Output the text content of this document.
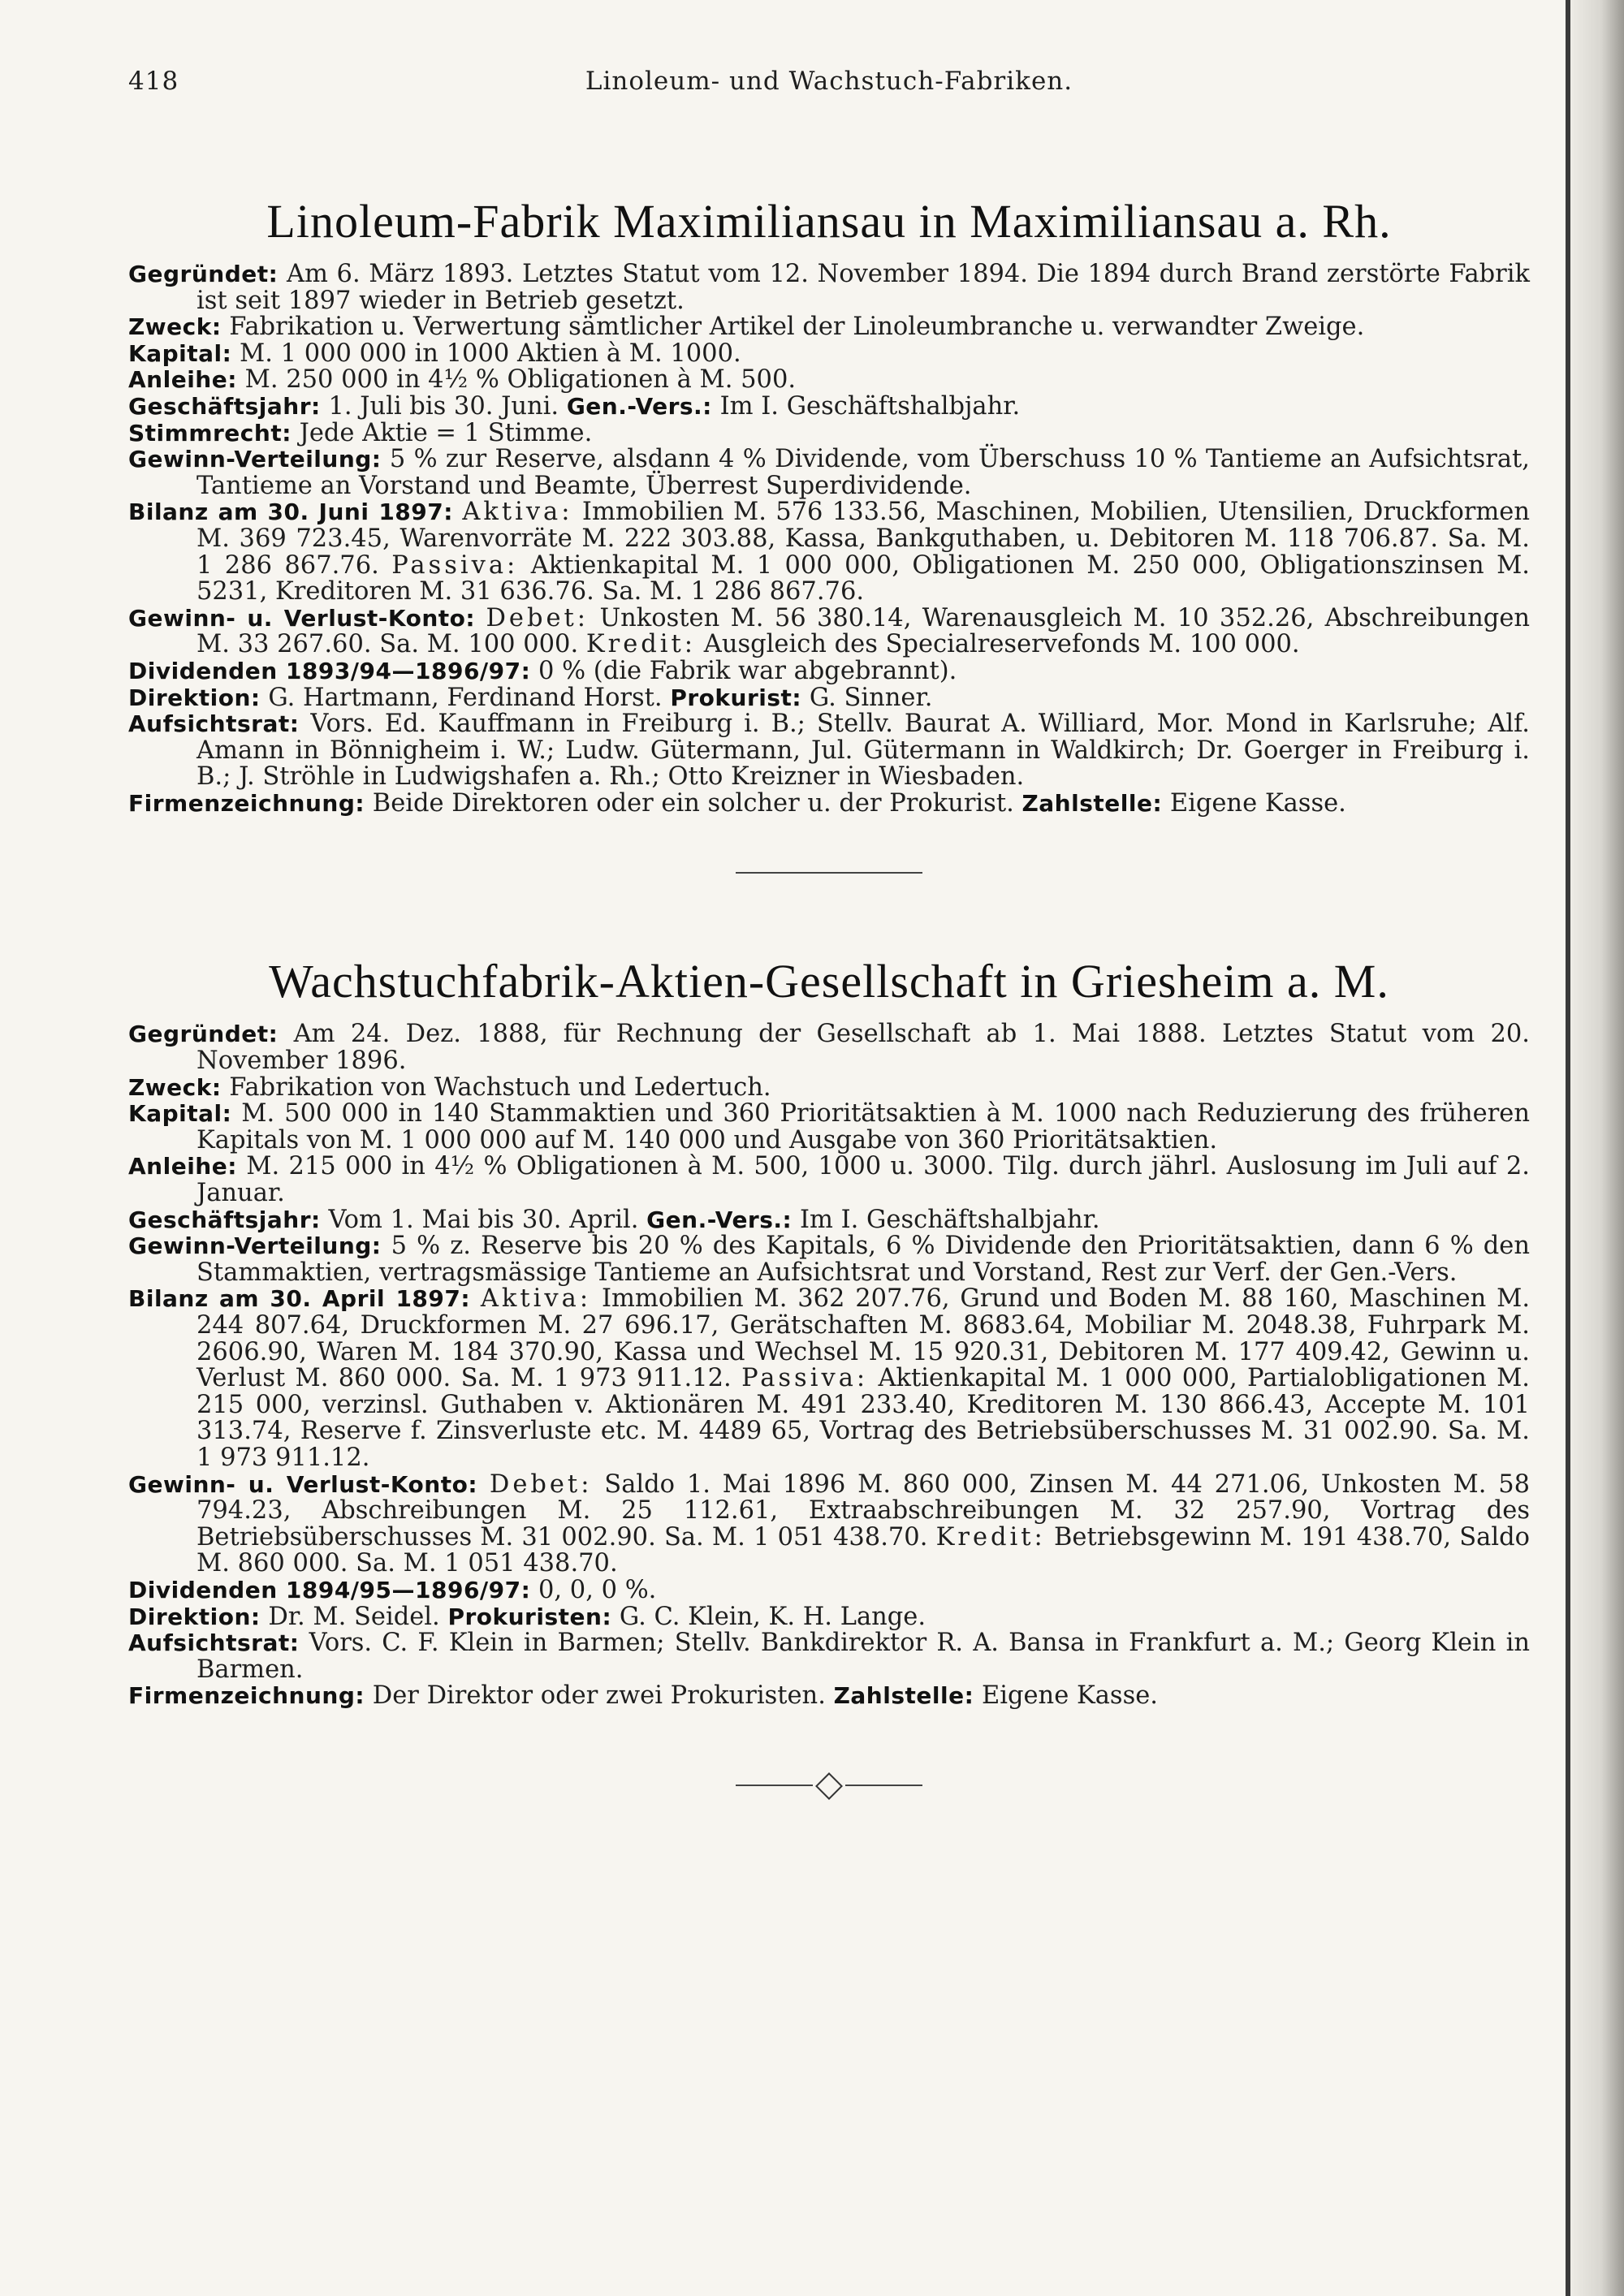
418	Linoleum- und Wachstuch-Fabriken.
Linoleum-Fabrik Maximiliansau in Maximiliansau a. Rh.
Gegründet: Am 6. März 1893. Letztes Statut vom 12. November 1894. Die 1894 durch Brand zerstörte Fabrik ist seit 1897 wieder in Betrieb gesetzt.
Zweck: Fabrikation u. Verwertung sämtlicher Artikel der Linoleumbranche u. verwandter Zweige.
Kapital: M. 1 000 000 in 1000 Aktien à M. 1000.
Anleihe: M. 250 000 in 4½ % Obligationen à M. 500.
Geschäftsjahr: 1. Juli bis 30. Juni. Gen.-Vers.: Im I. Geschäftshalbjahr.
Stimmrecht: Jede Aktie = 1 Stimme.
Gewinn-Verteilung: 5 % zur Reserve, alsdann 4 % Dividende, vom Überschuss 10 % Tantieme an Aufsichtsrat, Tantieme an Vorstand und Beamte, Überrest Superdividende.
Bilanz am 30. Juni 1897: Aktiva: Immobilien M. 576 133.56, Maschinen, Mobilien, Utensilien, Druckformen M. 369 723.45, Warenvorräte M. 222 303.88, Kassa, Bankguthaben, u. Debitoren M. 118 706.87. Sa. M. 1 286 867.76. Passiva: Aktienkapital M. 1 000 000, Obligationen M. 250 000, Obligationszinsen M. 5231, Kreditoren M. 31 636.76. Sa. M. 1 286 867.76.
Gewinn- u. Verlust-Konto: Debet: Unkosten M. 56 380.14, Warenausgleich M. 10 352.26, Abschreibungen M. 33 267.60. Sa. M. 100 000. Kredit: Ausgleich des Specialreservefonds M. 100 000.
Dividenden 1893/94—1896/97: 0 % (die Fabrik war abgebrannt).
Direktion: G. Hartmann, Ferdinand Horst. Prokurist: G. Sinner.
Aufsichtsrat: Vors. Ed. Kauffmann in Freiburg i. B.; Stellv. Baurat A. Williard, Mor. Mond in Karlsruhe; Alf. Amann in Bönnigheim i. W.; Ludw. Gütermann, Jul. Gütermann in Waldkirch; Dr. Goerger in Freiburg i. B.; J. Ströhle in Ludwigshafen a. Rh.; Otto Kreizner in Wiesbaden.
Firmenzeichnung: Beide Direktoren oder ein solcher u. der Prokurist. Zahlstelle: Eigene Kasse.
Wachstuchfabrik-Aktien-Gesellschaft in Griesheim a. M.
Gegründet: Am 24. Dez. 1888, für Rechnung der Gesellschaft ab 1. Mai 1888. Letztes Statut vom 20. November 1896.
Zweck: Fabrikation von Wachstuch und Ledertuch.
Kapital: M. 500 000 in 140 Stammaktien und 360 Prioritätsaktien à M. 1000 nach Reduzierung des früheren Kapitals von M. 1 000 000 auf M. 140 000 und Ausgabe von 360 Prioritätsaktien.
Anleihe: M. 215 000 in 4½ % Obligationen à M. 500, 1000 u. 3000. Tilg. durch jährl. Auslosung im Juli auf 2. Januar.
Geschäftsjahr: Vom 1. Mai bis 30. April. Gen.-Vers.: Im I. Geschäftshalbjahr.
Gewinn-Verteilung: 5 % z. Reserve bis 20 % des Kapitals, 6 % Dividende den Prioritätsaktien, dann 6 % den Stammaktien, vertragsmässige Tantieme an Aufsichtsrat und Vorstand, Rest zur Verf. der Gen.-Vers.
Bilanz am 30. April 1897: Aktiva: Immobilien M. 362 207.76, Grund und Boden M. 88 160, Maschinen M. 244 807.64, Druckformen M. 27 696.17, Gerätschaften M. 8683.64, Mobiliar M. 2048.38, Fuhrpark M. 2606.90, Waren M. 184 370.90, Kassa und Wechsel M. 15 920.31, Debitoren M. 177 409.42, Gewinn u. Verlust M. 860 000. Sa. M. 1 973 911.12. Passiva: Aktienkapital M. 1 000 000, Partialobligationen M. 215 000, verzinsl. Guthaben v. Aktionären M. 491 233.40, Kreditoren M. 130 866.43, Accepte M. 101 313.74, Reserve f. Zinsverluste etc. M. 4489 65, Vortrag des Betriebsüberschusses M. 31 002.90. Sa. M. 1 973 911.12.
Gewinn- u. Verlust-Konto: Debet: Saldo 1. Mai 1896 M. 860 000, Zinsen M. 44 271.06, Unkosten M. 58 794.23, Abschreibungen M. 25 112.61, Extraabschreibungen M. 32 257.90, Vortrag des Betriebsüberschusses M. 31 002.90. Sa. M. 1 051 438.70. Kredit: Betriebsgewinn M. 191 438.70, Saldo M. 860 000. Sa. M. 1 051 438.70.
Dividenden 1894/95—1896/97: 0, 0, 0 %.
Direktion: Dr. M. Seidel. Prokuristen: G. C. Klein, K. H. Lange.
Aufsichtsrat: Vors. C. F. Klein in Barmen; Stellv. Bankdirektor R. A. Bansa in Frankfurt a. M.; Georg Klein in Barmen.
Firmenzeichnung: Der Direktor oder zwei Prokuristen. Zahlstelle: Eigene Kasse.
